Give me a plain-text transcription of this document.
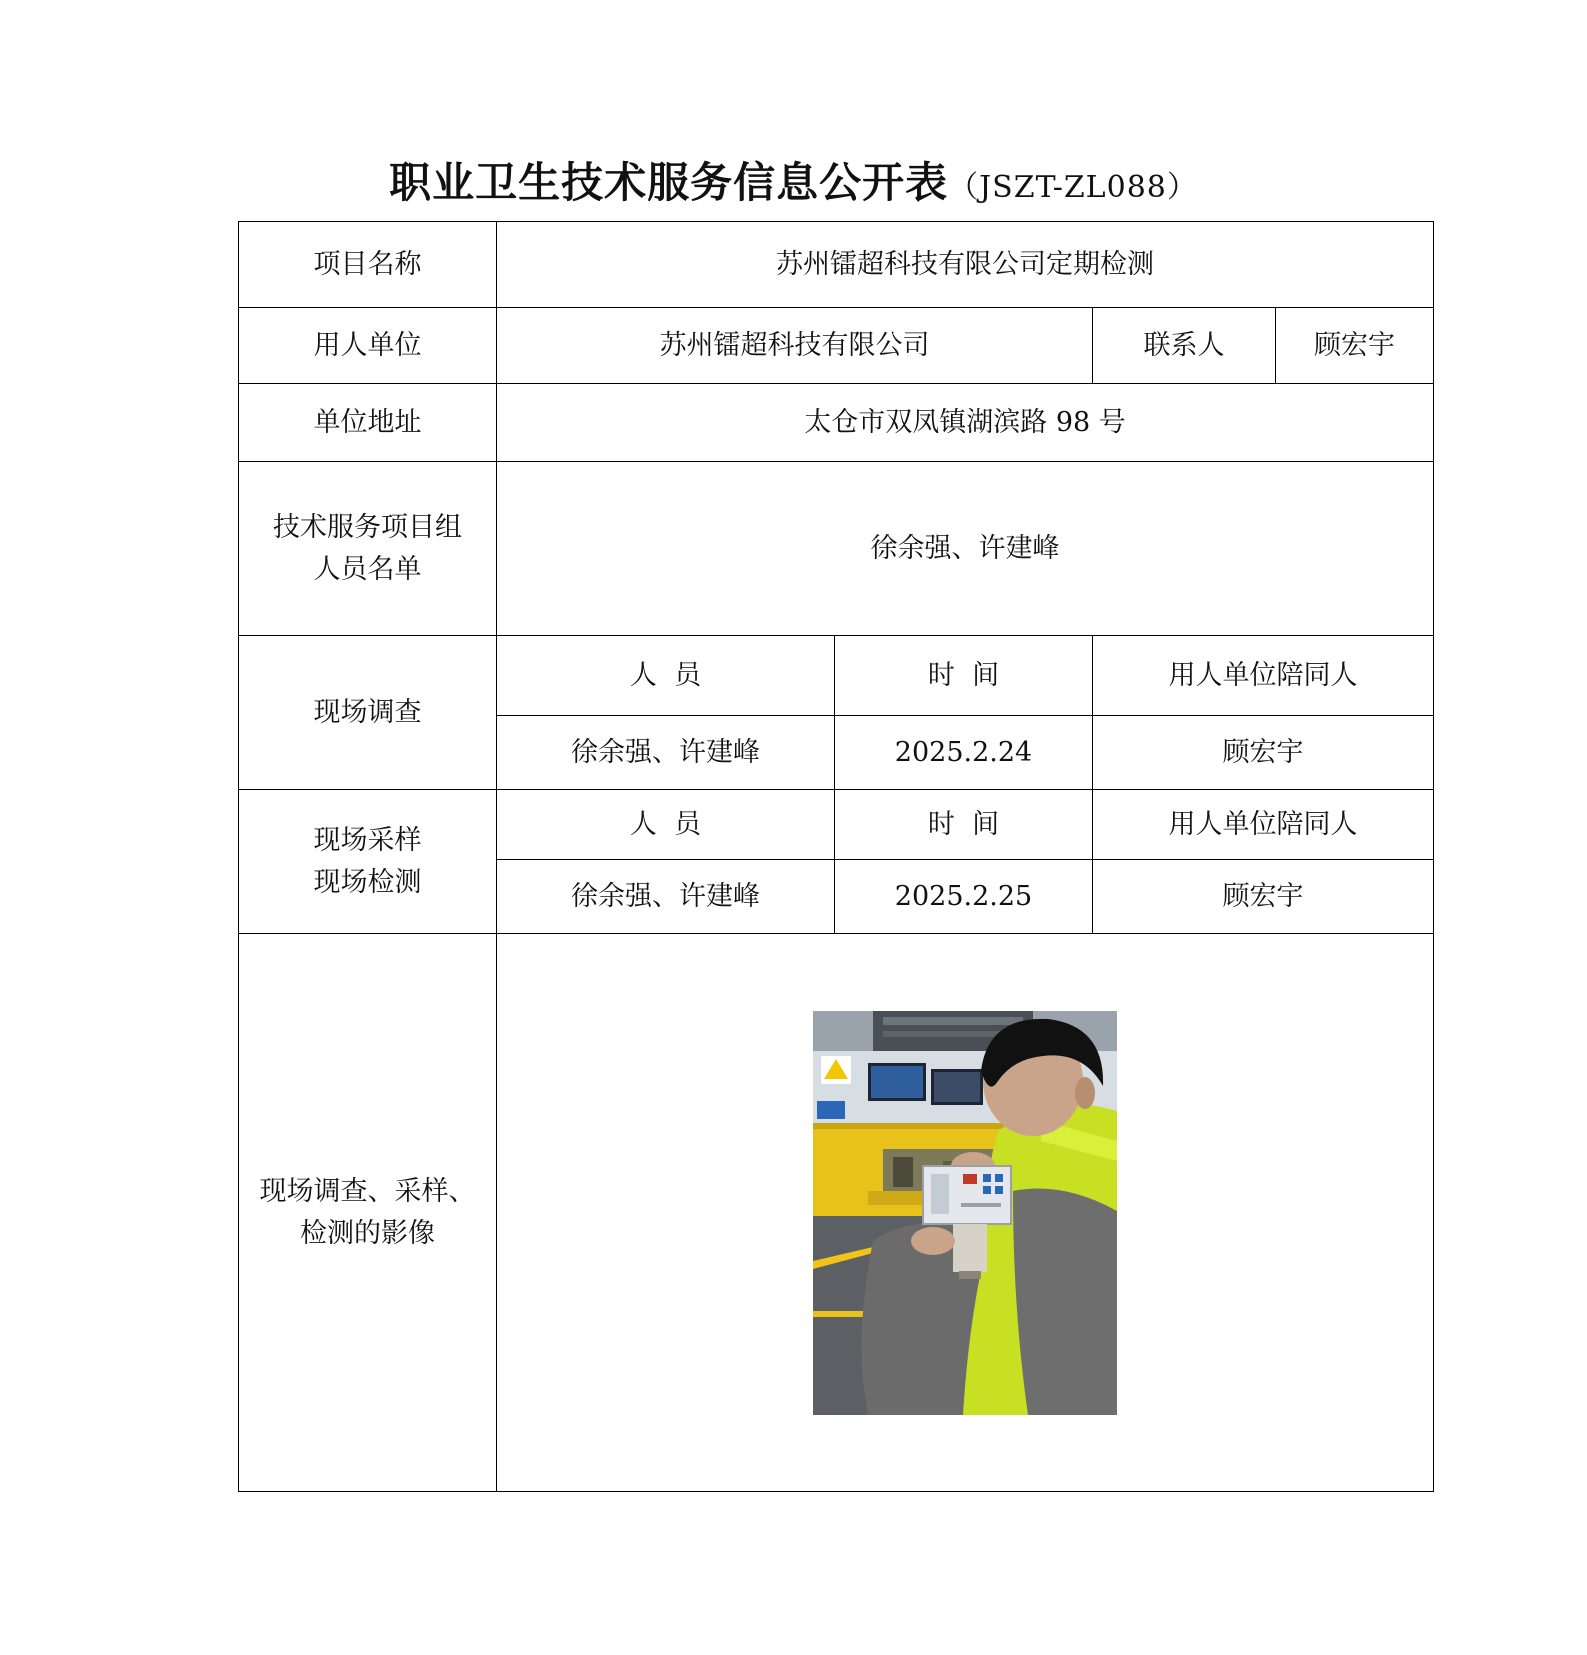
职业卫生技术服务信息公开表（JSZT-ZL088）
项目名称	苏州镭超科技有限公司定期检测			
用人单位	苏州镭超科技有限公司		联系人	顾宏宇
单位地址	太仓市双凤镇湖滨路 98 号			

技术服务项目组
人员名单	徐余强、许建峰			
现场调查	人  员	时  间	用人单位陪同人	
	徐余强、许建峰	2025.2.24	顾宏宇	

现场采样
现场检测	人  员	时  间	用人单位陪同人	
	徐余强、许建峰	2025.2.25	顾宏宇	

现场调查、采样、
检测的影像
